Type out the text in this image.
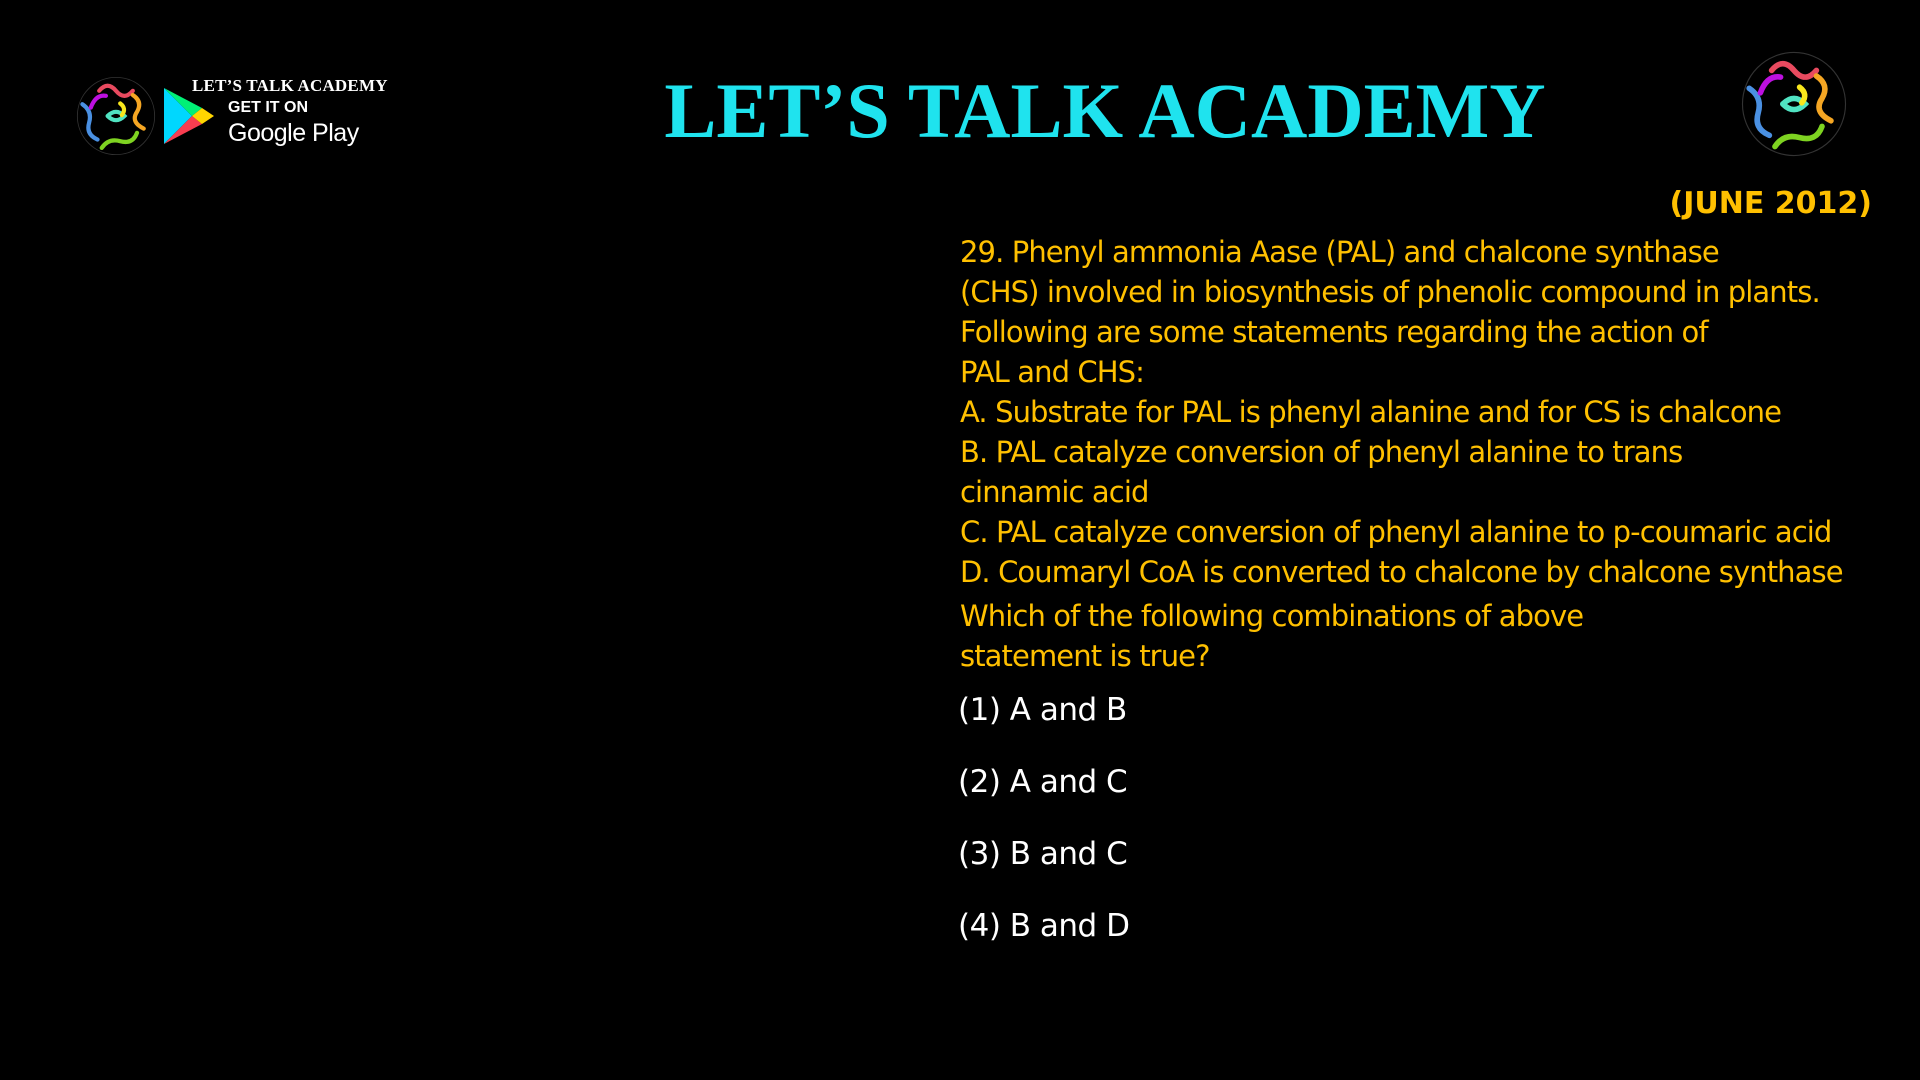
LET’S TALK ACADEMY
GET IT ON
Google Play	LET’S TALK ACADEMY
(JUNE 2012)
29. Phenyl ammonia Aase (PAL) and chalcone synthase
(CHS) involved in biosynthesis of phenolic compound in plants.
Following are some statements regarding the action of
PAL and CHS:
A. Substrate for PAL is phenyl alanine and for CS is chalcone
B. PAL catalyze conversion of phenyl alanine to trans
cinnamic acid
C. PAL catalyze conversion of phenyl alanine to p-coumaric acid
D. Coumaryl CoA is converted to chalcone by chalcone synthase
Which of the following combinations of above
statement is true?
(1) A and B
(2) A and C
(3) B and C
(4) B and D
